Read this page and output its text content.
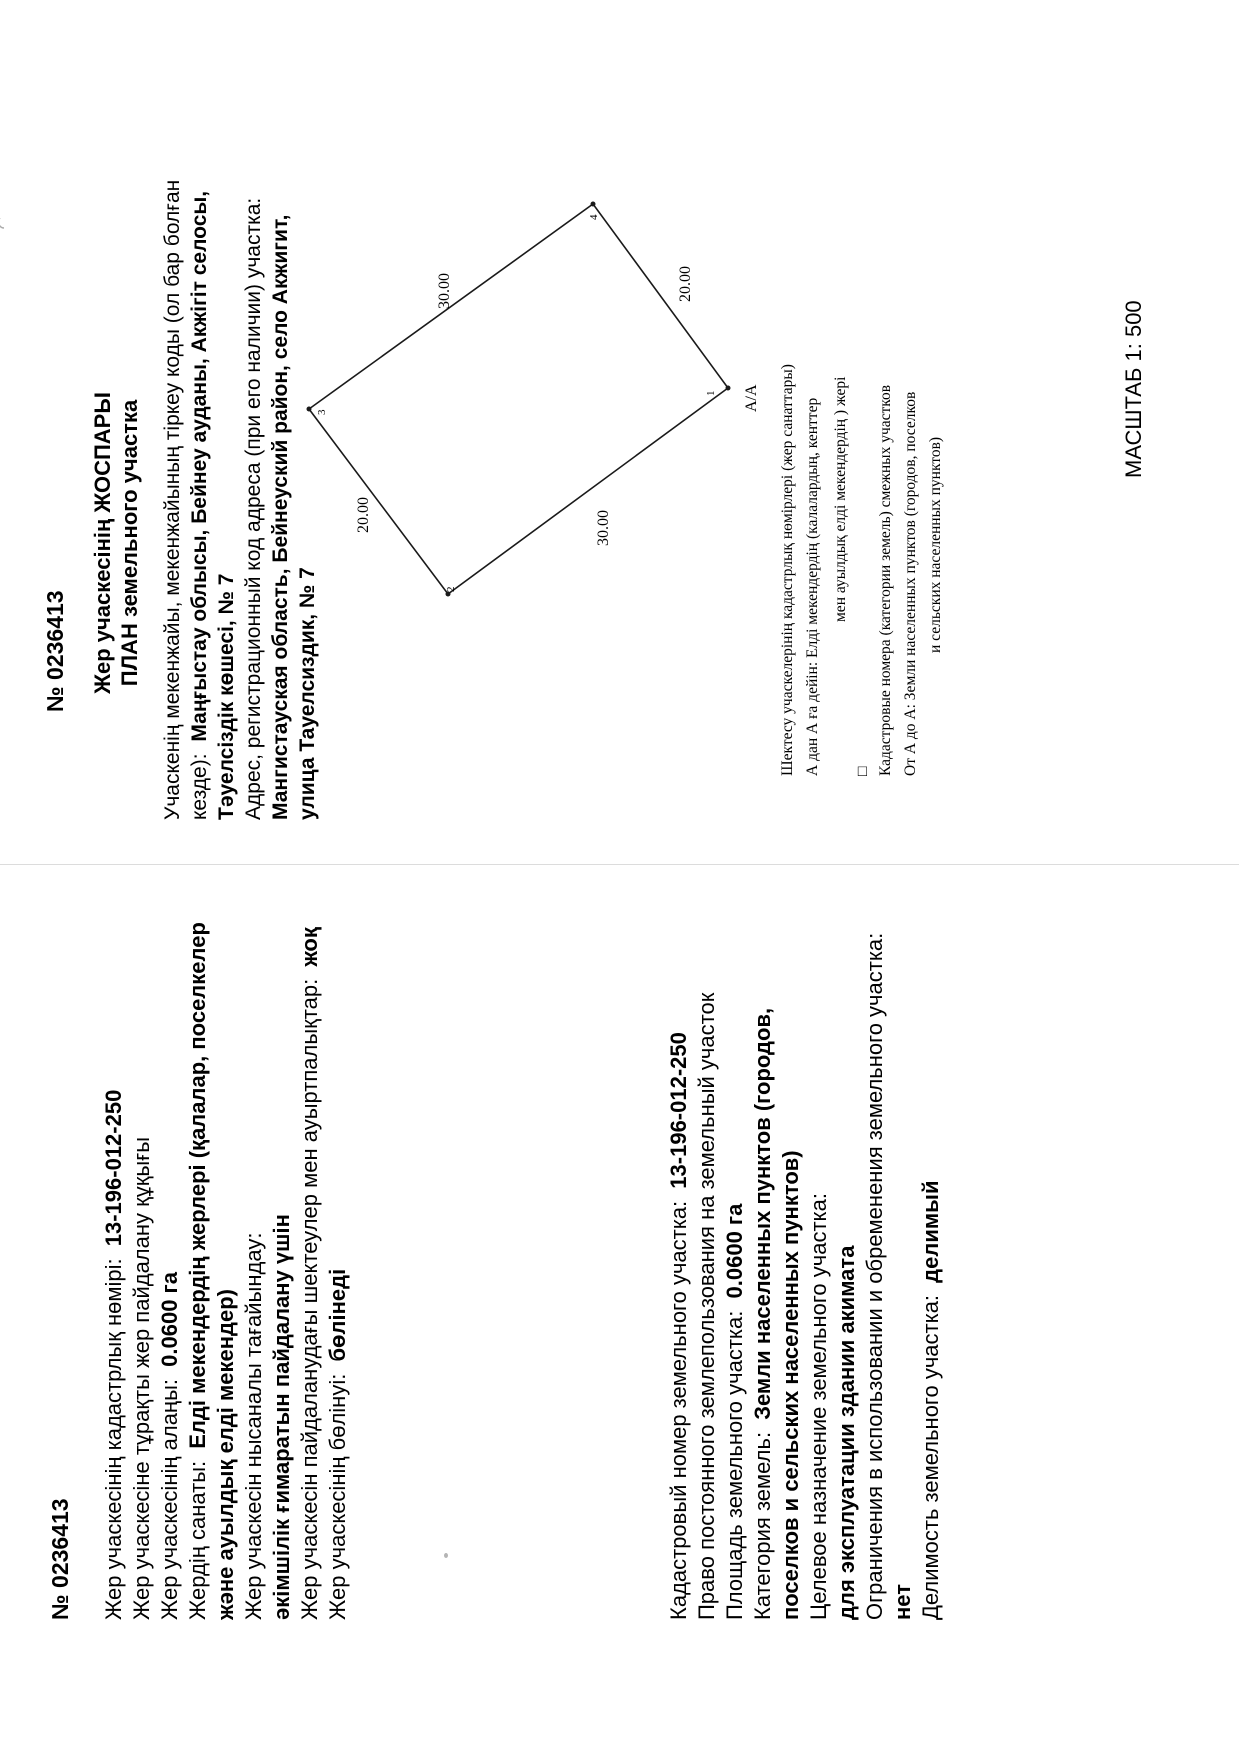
№ 0236413 Жер учаскесінің ЖОСПАРЫ ПЛАН земельного участка Учаскенің мекенжайы, мекенжайының тіркеу коды (ол бар болған кезде): Маңғыстау облысы, Бейнеу ауданы, Акжігіт селосы, Тәуелсіздік көшесі, № 7 Адрес, регистрационный код адреса (при его наличии) участка: Мангистауская область, Бейнеуский район, село Акжигит, улица Тауелсиздик, № 7
1
2
3
4
30.00
20.00
30.00	20.00
А/А Шектесу учаскелерінің кадастрлық нөмірлері (жер санаттары) А дан А ға дейін: Елді мекендердің (калалардың, кенттер мен ауылдық елді мекендердің ) жері
□ Кадастровые номера (категории земель) смежных участков От А до А: Земли населенных пунктов (городов, поселков и сельских населенных пунктов)
МАСШТАБ 1: 500
№ 0236413 Жер учаскесінің кадастрлық нөмірі: 13-196-012-250 Жер учаскесіне тұрақты жер пайдалану құқығы Жер учаскесінің алаңы: 0.0600 га
Жердің санаты: Елді мекендердің жерлері (қалалар, поселкелер
және ауылдық елді мекендер) Жер учаскесін нысаналы тағайындау: әкімшілік ғимаратын пайдалану үшін Жер учаскесін пайдаланудағы шектеулер мен ауыртпалықтар: жоқ
Жер учаскесінің бөлінуі: бөлінеді	Кадастровый номер земельного участка: 13-196-012-250 Право постоянного землепользования на земельный участок Площадь земельного участка: 0.0600 га
Категория земель: Земли населенных пунктов (городов, поселков и сельских населенных пунктов) Целевое назначение земельного участка: для эксплуатации здании акимата Ограничения в использовании и обременения земельного участка: нет Делимость земельного участка: делимый
